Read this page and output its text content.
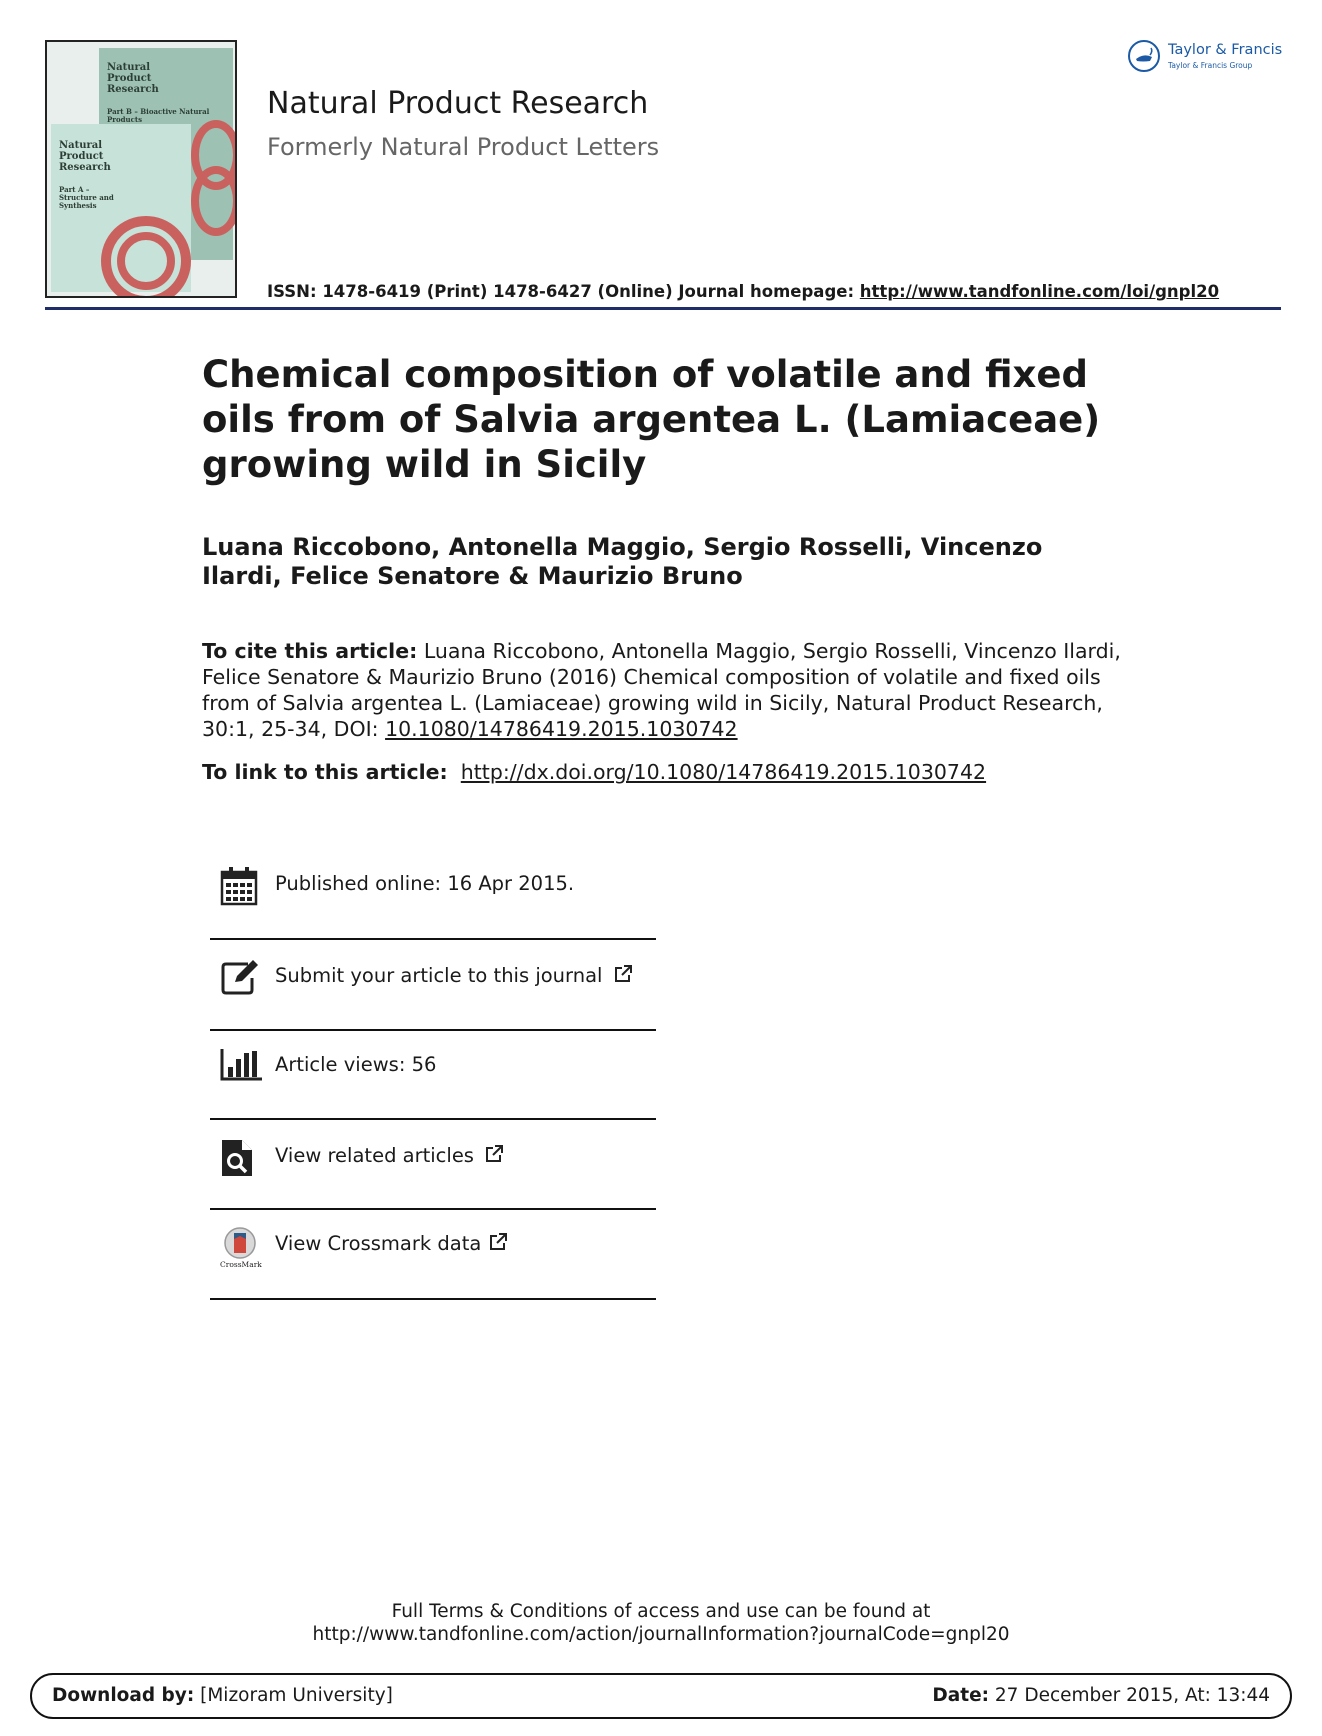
Natural Product Research
Part B – Bioactive Natural Products
Natural Product Research
Part A – Structure and Synthesis
Natural Product Research
Formerly Natural Product Letters
ISSN: 1478-6419 (Print) 1478-6427 (Online) Journal homepage: http://www.tandfonline.com/loi/gnpl20
Taylor & Francis
Taylor & Francis Group
Chemical composition of volatile and fixed oils from of Salvia argentea L. (Lamiaceae) growing wild in Sicily
Luana Riccobono, Antonella Maggio, Sergio Rosselli, Vincenzo Ilardi, Felice Senatore & Maurizio Bruno
To cite this article: Luana Riccobono, Antonella Maggio, Sergio Rosselli, Vincenzo Ilardi, Felice Senatore & Maurizio Bruno (2016) Chemical composition of volatile and fixed oils from of Salvia argentea L. (Lamiaceae) growing wild in Sicily, Natural Product Research, 30:1, 25-34, DOI: 10.1080/14786419.2015.1030742
To link to this article: http://dx.doi.org/10.1080/14786419.2015.1030742
Published online: 16 Apr 2015.
Submit your article to this journal
Article views: 56
View related articles
CrossMark
View Crossmark data
Full Terms & Conditions of access and use can be found at
http://www.tandfonline.com/action/journalInformation?journalCode=gnpl20
Download by: [Mizoram University]	Date: 27 December 2015, At: 13:44
